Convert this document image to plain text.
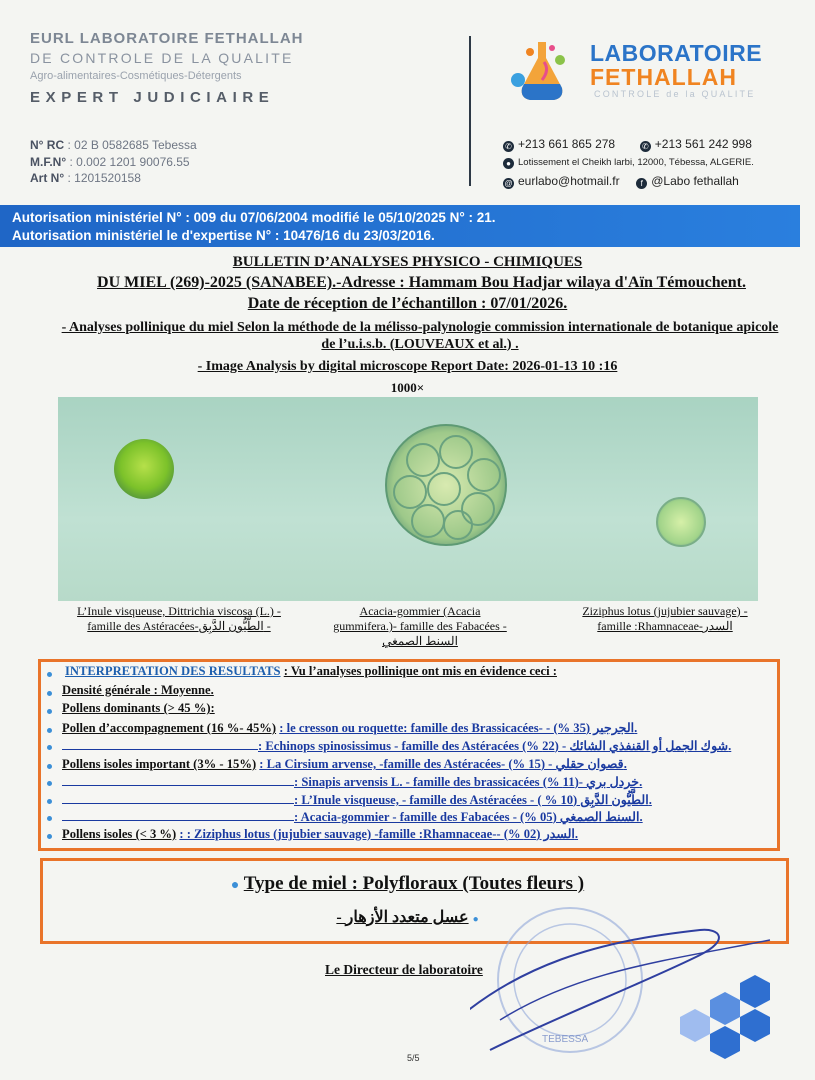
EURL LABORATOIRE FETHALLAH
DE CONTROLE DE LA QUALITE
Agro-alimentaires-Cosmétiques-Détergents
EXPERT JUDICIAIRE
N° RC : 02 B 0582685 Tebessa
M.F.N° : 0.002 1201 90076.55
Art N° : 1201520158
LABORATOIRE
FETHALLAH
CONTROLE de la QUALITE
✆ +213 661 865 278	✆ +213 561 242 998
● Lotissement el Cheikh larbi, 12000, Tébessa, ALGERIE.
@ eurlabo@hotmail.fr	f @Labo fethallah
Autorisation ministériel N° : 009 du 07/06/2004 modifié le 05/10/2025 N° : 21.
Autorisation ministériel le d'expertise N° : 10476/16 du 23/03/2016.
BULLETIN D’ANALYSES PHYSICO - CHIMIQUES
DU MIEL (269)-2025 (SANABEE).-Adresse : Hammam Bou Hadjar wilaya d'Aïn Témouchent.
Date de réception de l’échantillon : 07/01/2026.
- Analyses pollinique du miel Selon la méthode de la mélisso-palynologie commission internationale de botanique apicole de l’u.i.s.b. (LOUVEAUX et al.) .
- Image Analysis by digital microscope Report Date: 2026-01-13 10 :16
1000×
L’Inule visqueuse, Dittrichia viscosa (L.) -
famille des Astéracées-الطَّيُّون الدَّبِق -
Acacia-gommier (Acacia
gummifera.)- famille des Fabacées -
السنط الصمغي
Ziziphus lotus (jujubier sauvage) -
famille :Rhamnaceae-السدر
INTERPRETATION DES RESULTATS : Vu l’analyses pollinique ont mis en évidence ceci :
Densité générale : Moyenne.
Pollens dominants (> 45 %):
Pollen d’accompagnement (16 %- 45%) : le cresson ou roquette: famille des Brassicacées- - الجرجير (35 %).
: Echinops spinosissimus - famille des Astéracées شوك الجمل أو القنفذي الشائك - (22 %).
Pollens isoles important (3% - 15%) : La Cirsium arvense, -famille des Astéracées- قصوان حقلي - (15 %).
: Sinapis arvensis L. - famille des brassicacées خردل بري -(11 %).
: L’Inule visqueuse, - famille des Astéracées - الطَّيُّون الدَّبِق (10 % ).
: Acacia-gommier - famille des Fabacées - السنط الصمغي (05 %).
Pollens isoles (< 3 %) : : Ziziphus lotus (jujubier sauvage) -famille :Rhamnaceae-- السدر (02 %).
● Type de miel : Polyfloraux (Toutes fleurs )
- عسل متعدد الأزهار ●
TEBESSA
Le Directeur de laboratoire
5/5
